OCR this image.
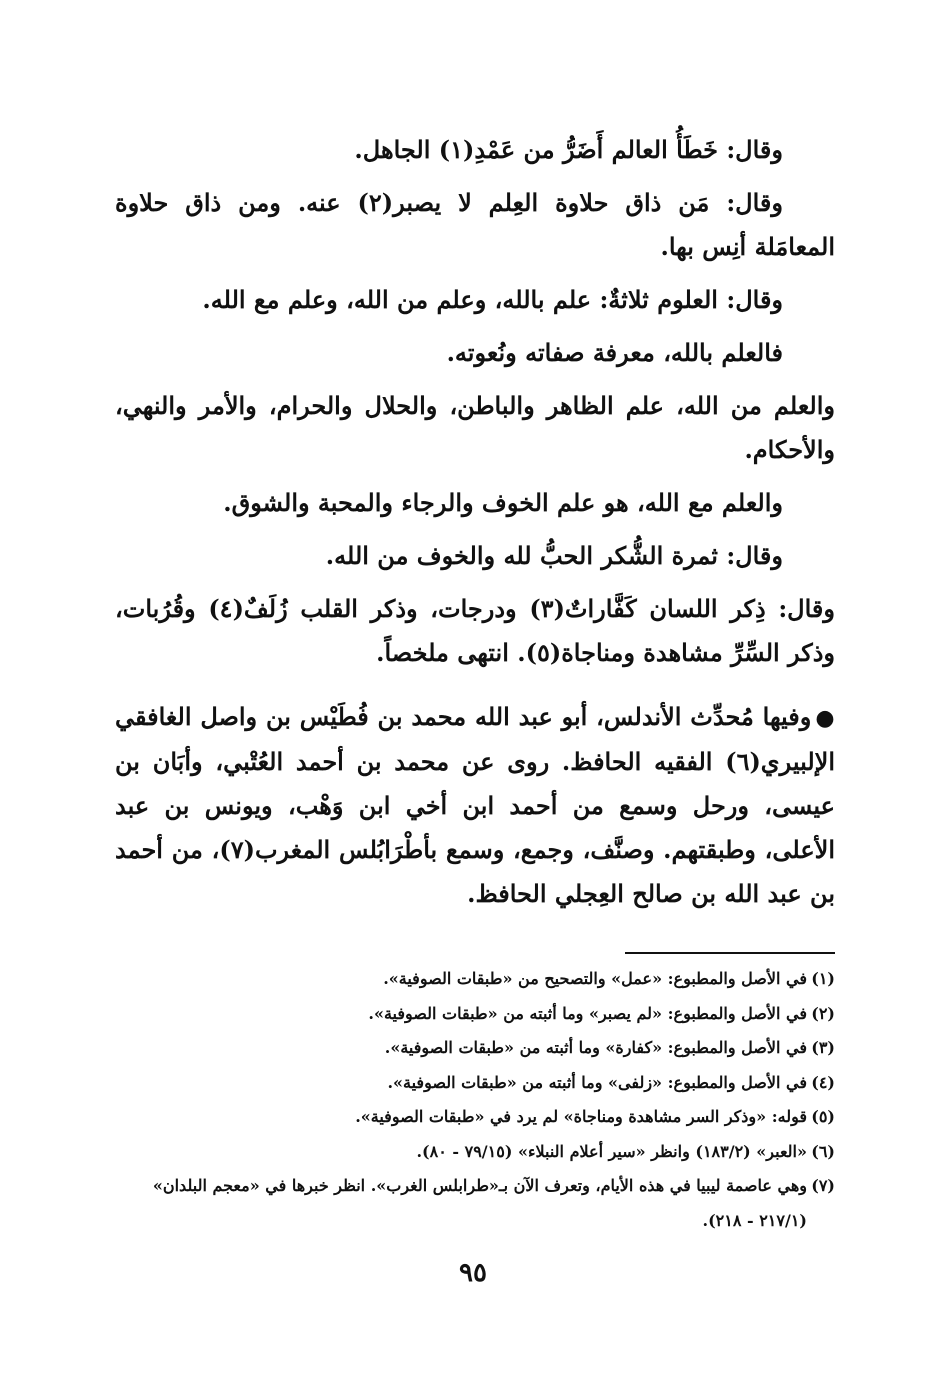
وقال: خَطَأُ العالم أَضَرُّ من عَمْدِ(١) الجاهل.

وقال: مَن ذاق حلاوة العِلم لا يصبر(٢) عنه. ومن ذاق حلاوة المعامَلة أنِس بها.

وقال: العلوم ثلاثةٌ: علم بالله، وعلم من الله، وعلم مع الله.

فالعلم بالله، معرفة صفاته ونُعوته.

والعلم من الله، علم الظاهر والباطن، والحلال والحرام، والأمر والنهي، والأحكام.

والعلم مع الله، هو علم الخوف والرجاء والمحبة والشوق.

وقال: ثمرة الشُّكر الحبُّ لله والخوف من الله.

وقال: ذِكر اللسان كَفَّاراتٌ(٣) ودرجات، وذكر القلب زُلَفٌ(٤) وقُرُبات، وذكر السِّرِّ مشاهدة ومناجاة(٥). انتهى ملخصاً.

●وفيها مُحدِّث الأندلس، أبو عبد الله محمد بن فُطَيْس بن واصل الغافقي الإلبيري(٦) الفقيه الحافظ. روى عن محمد بن أحمد العُتْبي، وأبَان بن عيسى، ورحل وسمع من أحمد ابن أخي ابن وَهْب، ويونس بن عبد الأعلى، وطبقتهم. وصنَّف، وجمع، وسمع بأطْرَابُلس المغرب(٧)، من أحمد بن عبد الله بن صالح العِجلي الحافظ.

(١)في الأصل والمطبوع: «عمل» والتصحيح من «طبقات الصوفية».

(٢)في الأصل والمطبوع: «لم يصبر» وما أثبته من «طبقات الصوفية».

(٣)في الأصل والمطبوع: «كفارة» وما أثبته من «طبقات الصوفية».

(٤)في الأصل والمطبوع: «زلفى» وما أثبته من «طبقات الصوفية».

(٥)قوله: «وذكر السر مشاهدة ومناجاة» لم يرد في «طبقات الصوفية».

(٦)«العبر» (١٨٣/٢) وانظر «سير أعلام النبلاء» (٧٩/١٥ - ٨٠).

(٧)وهي عاصمة ليبيا في هذه الأيام، وتعرف الآن بـ«طرابلس الغرب». انظر خبرها في «معجم البلدان» (٢١٧/١ - ٢١٨).

٩٥
